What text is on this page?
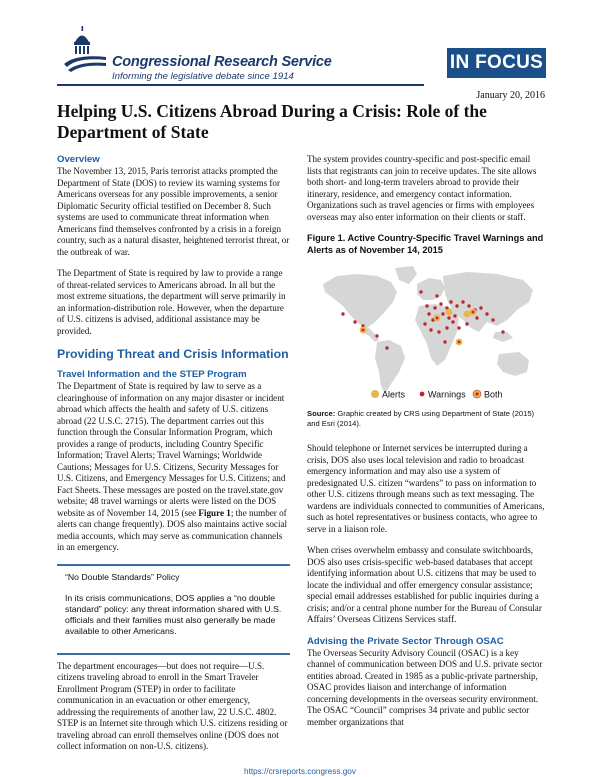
Congressional Research Service
Informing the legislative debate since 1914
IN FOCUS
January 20, 2016
Helping U.S. Citizens Abroad During a Crisis: Role of the Department of State
Overview

The November 13, 2015, Paris terrorist attacks prompted the Department of State (DOS) to review its warning systems for Americans overseas for any possible improvements, a senior Diplomatic Security official testified on December 8. Such systems are used to communicate threat information when Americans find themselves confronted by a crisis in a foreign country, such as a natural disaster, heightened terrorist threat, or the outbreak of war.

The Department of State is required by law to provide a range of threat-related services to Americans abroad. In all but the most extreme situations, the department will serve primarily in an information-distribution role. However, when the departure of U.S. citizens is advised, additional assistance may be provided.

Providing Threat and Crisis Information
Travel Information and the STEP Program

The Department of State is required by law to serve as a clearinghouse of information on any major disaster or incident abroad which affects the health and safety of U.S. citizens abroad (22 U.S.C. 2715). The department carries out this function through the Consular Information Program, which provides a range of products, including Country Specific Information; Travel Alerts; Travel Warnings; Worldwide Cautions; Messages for U.S. Citizens, Security Messages for U.S. Citizens, and Emergency Messages for U.S. Citizens; and Fact Sheets. These messages are posted on the travel.state.gov website; 48 travel warnings or alerts were listed on the DOS website as of November 14, 2015 (see Figure 1; the number of alerts can change frequently). DOS also maintains active social media accounts, which may serve as communication channels in an emergency.

“No Double Standards” Policy

In its crisis communications, DOS applies a “no double standard” policy: any threat information shared with U.S. officials and their families must also generally be made available to other Americans.

The department encourages—but does not require—U.S. citizens traveling abroad to enroll in the Smart Traveler Enrollment Program (STEP) in order to facilitate communication in an evacuation or other emergency, addressing the requirements of another law, 22 U.S.C. 4802. STEP is an Internet site through which U.S. citizens residing or traveling abroad can enroll themselves online (DOS does not collect information on non-U.S. citizens).

The system provides country-specific and post-specific email lists that registrants can join to receive updates. The site allows both short- and long-term travelers abroad to provide their itinerary, residence, and emergency contact information. Organizations such as travel agencies or firms with employees overseas may also enter information on their clients or staff.

Figure 1. Active Country-Specific Travel Warnings and Alerts as of November 14, 2015
Alerts	Warnings Both
Source: Graphic created by CRS using Department of State (2015) and Esri (2014).

Should telephone or Internet services be interrupted during a crisis, DOS also uses local television and radio to broadcast emergency information and may also use a system of predesignated U.S. citizen “wardens” to pass on information to other U.S. citizens through means such as text messaging. The wardens are individuals connected to communities of Americans, such as hotel representatives or business contacts, who agree to serve in a liaison role.

When crises overwhelm embassy and consulate switchboards, DOS also uses crisis-specific web-based databases that accept identifying information about U.S. citizens that may be used to locate the individual and offer emergency consular assistance; special email addresses established for public inquiries during a crisis; and/or a central phone number for the Bureau of Consular Affairs’ Overseas Citizens Services staff.

Advising the Private Sector Through OSAC

The Overseas Security Advisory Council (OSAC) is a key channel of communication between DOS and U.S. private sector entities abroad. Created in 1985 as a public-private partnership, OSAC provides liaison and interchange of information concerning developments in the overseas security environment. The OSAC “Council” comprises 34 private and public sector member organizations that

https://crsreports.congress.gov
